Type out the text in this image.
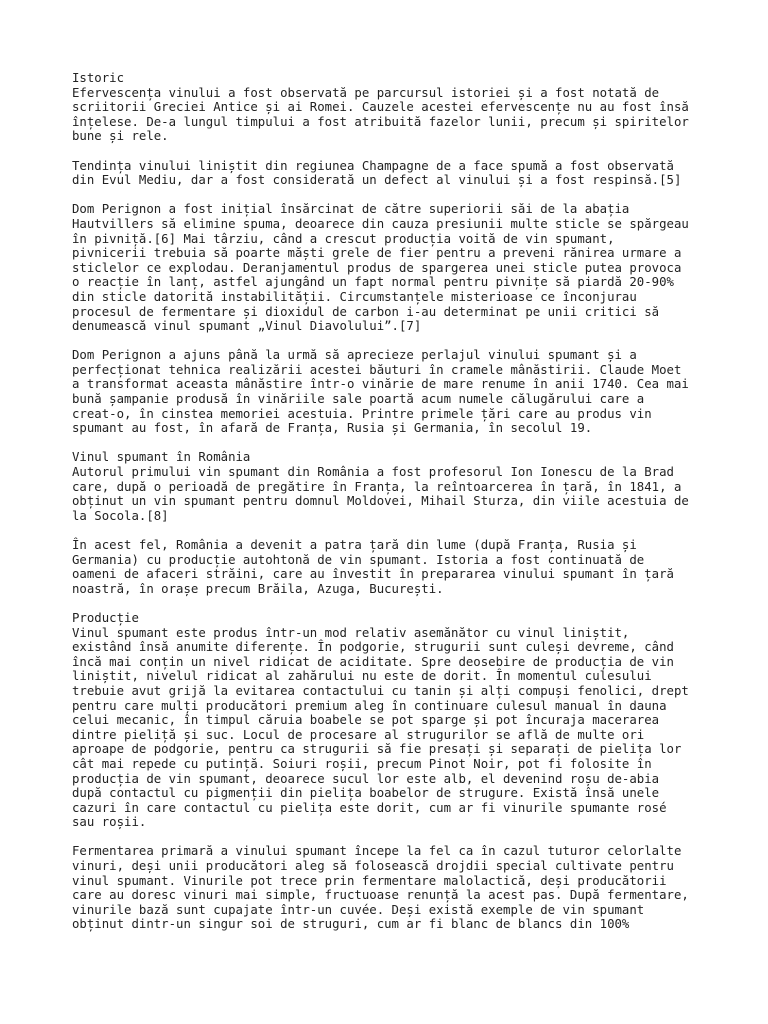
Istoric
Efervescența vinului a fost observată pe parcursul istoriei și a fost notată de
scriitorii Greciei Antice și ai Romei. Cauzele acestei efervescențe nu au fost însă
înțelese. De-a lungul timpului a fost atribuită fazelor lunii, precum și spiritelor
bune și rele.
Tendința vinului liniștit din regiunea Champagne de a face spumă a fost observată
din Evul Mediu, dar a fost considerată un defect al vinului și a fost respinsă.[5]
Dom Perignon a fost inițial însărcinat de către superiorii săi de la abația
Hautvillers să elimine spuma, deoarece din cauza presiunii multe sticle se spărgeau
în pivniță.[6] Mai târziu, când a crescut producția voită de vin spumant,
pivnicerii trebuia să poarte măști grele de fier pentru a preveni rănirea urmare a
sticlelor ce explodau. Deranjamentul produs de spargerea unei sticle putea provoca
o reacție în lanț, astfel ajungând un fapt normal pentru pivnițe să piardă 20-90%
din sticle datorită instabilității. Circumstanțele misterioase ce înconjurau
procesul de fermentare și dioxidul de carbon i-au determinat pe unii critici să
denumească vinul spumant „Vinul Diavolului”.[7]
Dom Perignon a ajuns până la urmă să aprecieze perlajul vinului spumant și a
perfecționat tehnica realizării acestei băuturi în cramele mânăstirii. Claude Moet
a transformat aceasta mânăstire într-o vinărie de mare renume în anii 1740. Cea mai
bună șampanie produsă în vinăriile sale poartă acum numele călugărului care a
creat-o, în cinstea memoriei acestuia. Printre primele țări care au produs vin
spumant au fost, în afară de Franța, Rusia și Germania, în secolul 19.
Vinul spumant în România
Autorul primului vin spumant din România a fost profesorul Ion Ionescu de la Brad
care, după o perioadă de pregătire în Franța, la reîntoarcerea în țară, în 1841, a
obținut un vin spumant pentru domnul Moldovei, Mihail Sturza, din viile acestuia de
la Socola.[8]
În acest fel, România a devenit a patra țară din lume (după Franța, Rusia și
Germania) cu producție autohtonă de vin spumant. Istoria a fost continuată de
oameni de afaceri străini, care au învestit în prepararea vinului spumant în țară
noastră, în orașe precum Brăila, Azuga, București.
Producție
Vinul spumant este produs într-un mod relativ asemănător cu vinul liniștit,
existând însă anumite diferențe. În podgorie, strugurii sunt culeși devreme, când
încă mai conțin un nivel ridicat de aciditate. Spre deosebire de producția de vin
liniștit, nivelul ridicat al zahărului nu este de dorit. În momentul culesului
trebuie avut grijă la evitarea contactului cu tanin și alți compuși fenolici, drept
pentru care mulți producători premium aleg în continuare culesul manual în dauna
celui mecanic, în timpul căruia boabele se pot sparge și pot încuraja macerarea
dintre pieliță și suc. Locul de procesare al strugurilor se află de multe ori
aproape de podgorie, pentru ca strugurii să fie presați și separați de pielița lor
cât mai repede cu putință. Soiuri roșii, precum Pinot Noir, pot fi folosite în
producția de vin spumant, deoarece sucul lor este alb, el devenind roșu de-abia
după contactul cu pigmenții din pielița boabelor de strugure. Există însă unele
cazuri în care contactul cu pielița este dorit, cum ar fi vinurile spumante rosé
sau roșii.
Fermentarea primară a vinului spumant începe la fel ca în cazul tuturor celorlalte
vinuri, deși unii producători aleg să folosească drojdii special cultivate pentru
vinul spumant. Vinurile pot trece prin fermentare malolactică, deși producătorii
care au doresc vinuri mai simple, fructuoase renunță la acest pas. După fermentare,
vinurile bază sunt cupajate într-un cuvée. Deși există exemple de vin spumant
obținut dintr-un singur soi de struguri, cum ar fi blanc de blancs din 100%
